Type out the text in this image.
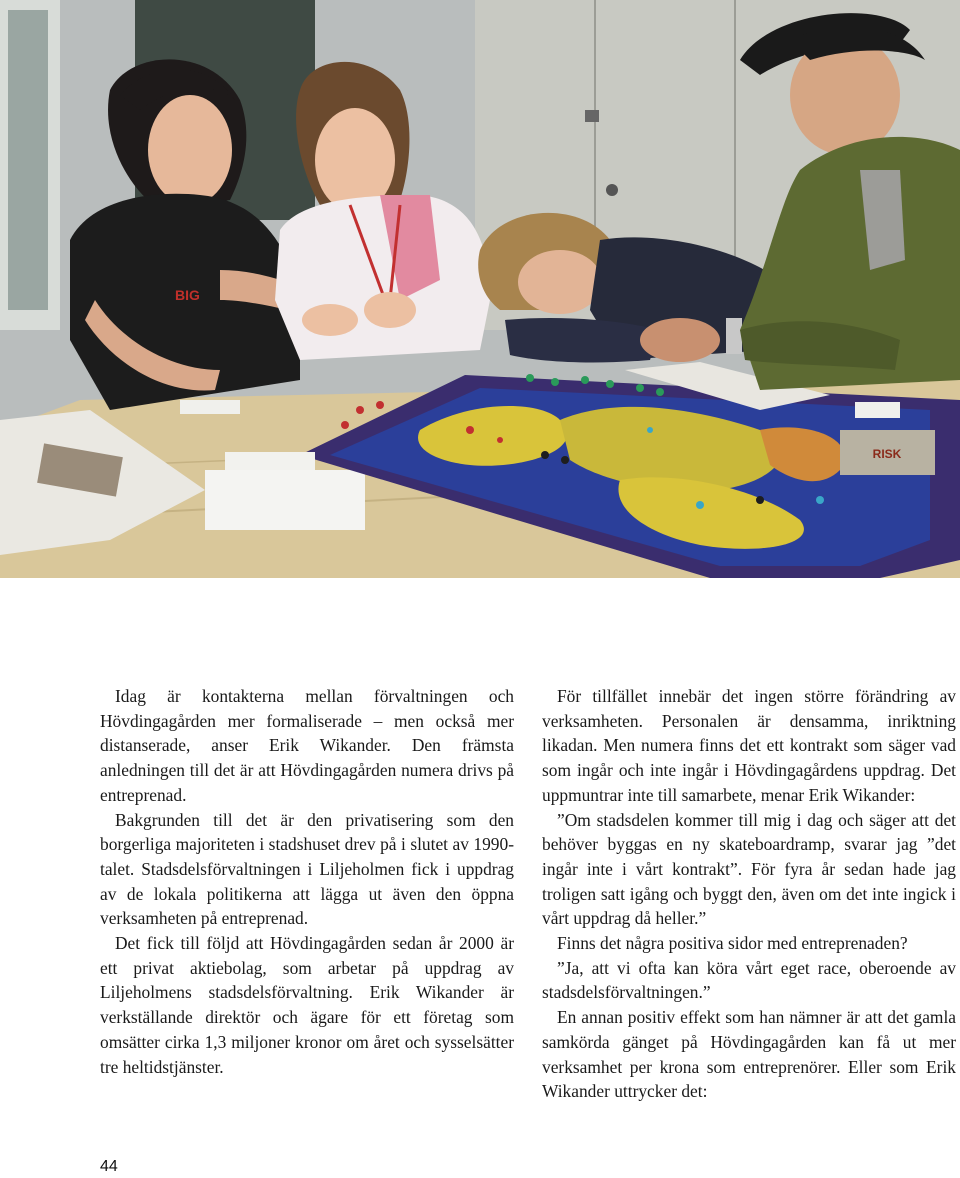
RISK
BIG

Idag är kontakterna mellan förvaltningen och Hövdingagården mer formaliserade – men också mer distanserade, anser Erik Wikander. Den främsta anledningen till det är att Hövdingagården numera drivs på entreprenad.

Bakgrunden till det är den privatisering som den borgerliga majoriteten i stadshuset drev på i slutet av 1990-talet. Stadsdelsförvaltningen i Liljeholmen fick i uppdrag av de lokala politikerna att lägga ut även den öppna verksamheten på entreprenad.

Det fick till följd att Hövdingagården sedan år 2000 är ett privat aktiebolag, som arbetar på uppdrag av Liljeholmens stadsdelsförvaltning. Erik Wikander är verkställande direktör och ägare för ett företag som omsätter cirka 1,3 miljoner kronor om året och sysselsätter tre heltidstjänster.

För tillfället innebär det ingen större förändring av verksamheten. Personalen är densamma, inriktning likadan. Men numera finns det ett kontrakt som säger vad som ingår och inte ingår i Hövdingagårdens uppdrag. Det uppmuntrar inte till samarbete, menar Erik Wikander:

”Om stadsdelen kommer till mig i dag och säger att det behöver byggas en ny skateboardramp, svarar jag ”det ingår inte i vårt kontrakt”. För fyra år sedan hade jag troligen satt igång och byggt den, även om det inte ingick i vårt uppdrag då heller.”

Finns det några positiva sidor med entreprenaden?

”Ja, att vi ofta kan köra vårt eget race, oberoende av stadsdelsförvaltningen.”

En annan positiv effekt som han nämner är att det gamla samkörda gänget på Hövdingagården kan få ut mer verksamhet per krona som entreprenörer. Eller som Erik Wikander uttrycker det:

44
